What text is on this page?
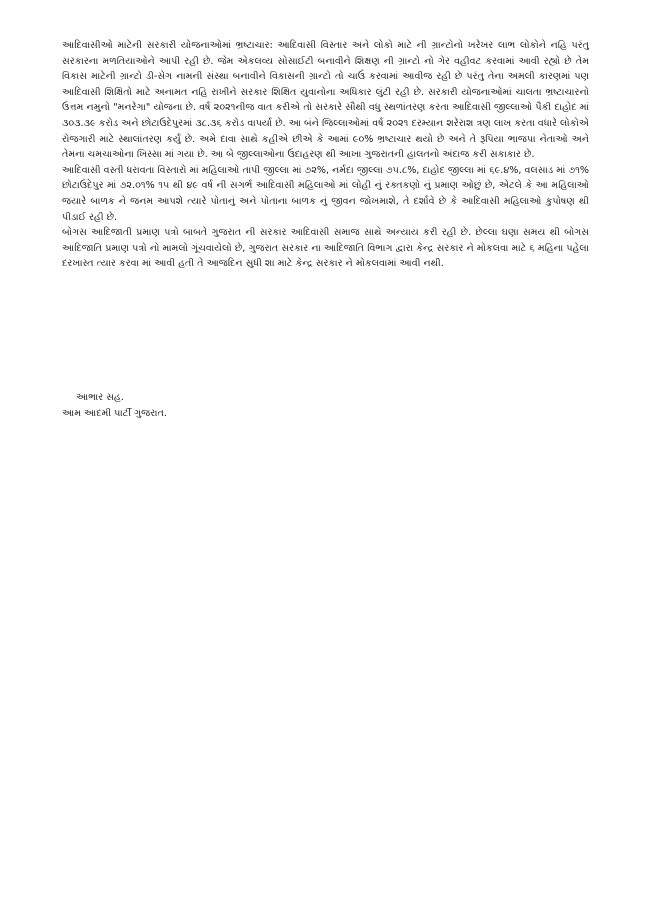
આદિવાસીઓ માટેની સરકારી યોજનાઓમાં ભ્રષ્ટાચાર: આદિવાસી વિસ્તાર અને લોકો માટે ની ગ્રાન્ટોનો ખરેખર લાભ લોકોને નહિ પરંતુ સરકારના મળતિયાઓને આપી રહી છે. જેમ એકલવ્ય સોસાઈટી બનાવીને શિક્ષણ ની ગ્રાન્ટો નો ગેર વહીવટ કરવામાં આવી રહ્યો છે તેમ વિકાસ માટેની ગ્રાન્ટો ડી-સેગ નામની સંસ્થા બનાવીને વિકાસની ગ્રાન્ટો તો ચાઉં કરવામાં આવીજ રહી છે પરંતુ તેના અમલી કારણમાં પણ આદિવાસી શિક્ષિતો માટે અનામત નહિ રાખીને સરકાર શિક્ષિત યુવાનોના અધિકાર લુંટી રહી છે. સરકારી યોજનાઓમાં ચાલતા ભ્રષ્ટાચારનો ઉત્તમ નમુનો "મનરેગા" યોજના છે. વર્ષ ૨૦૨૧નીજ વાત કરીએ તો સરકારે સૌથી વધુ સ્થળાંતરણ કરતા આદિવાસી જીલ્લાઓ પૈકી દાહોદ માં ૩૦૩.૩૯ કરોડ અને છોટાઉદેપુરમાં ૩૮.૩૬ કરોડ વાપર્યા છે. આ બંને જિલ્લાઓમાં વર્ષ ૨૦૨૧ દરમ્યાન શરેરાશ ત્રણ લાખ કરતા વધારે લોકોએ રોજગારી માટે સ્થાલાંતરણ કર્યું છે. અમે દાવા સાથે કહીએ છીએ કે આમાં ૯૦% ભ્રષ્ટાચાર થયો છે અને તે રૂપિયા ભાજપા નેતાઓ અને તેમના ચમચાઓના ખિસ્સા માં ગયા છે. આ બે જીલ્લાઓના ઉદાહરણ થી આખા ગુજરાતની હાલતનો અંદાજ કરી સકાકાર છે.

આદિવાસી વસ્તી ધરાવતા વિસ્તારો માં મહિલાઓ તાપી જીલ્લા માં ૭૨%, નર્મદા જીલ્લા ૭૫.૮%, દાહોદ જીલ્લા માં ૬૯.૪%, વલસાડ માં ૭૧% છોટાઉદેપુર માં ૭૨.૦૧% ૧૫ થી ૪૯ વર્ષ ની સગર્ભ આદિવાસી મહિલાઓ માં લોહી નું રક્તકણો નું પ્રમાણ ઓછું છે, એટલે કે આ મહિલાઓ જયારે બાળક ને જનમ આપશે ત્યારે પોતાનું અને પોતાના બાળક નું જીવન જોખમાશે, તે દર્શાવે છે કે આદિવાસી મહિલાઓ કુપોષણ થી પીડાઈ રહી છે.

બોગસ આદિજાતી પ્રમાણ પત્રો બાબતે ગુજરાત ની સરકાર આદિવાસી સમાજ સાથે અન્યાય કરી રહી છે. છેલ્લા ઘણા સમય થી બોગસ આદિજાતિ પ્રમાણ પત્રો નો મામલો ગૂંચવાયેલો છે, ગુજરાત સરકાર ના આદિજાતિ વિભાગ દ્વારા કેન્દ્ર સરકાર ને મોકલવા માટે ૬ મહિના પહેલા દરખાસ્ત ત્યાર કરવા માં આવી હતી તે આજદિન સુધી શા માટે કેન્દ્ર સરકાર ને મોકલવામાં આવી નથી.

આભાર સહ.
આમ આદમી પાર્ટી ગુજરાત.
